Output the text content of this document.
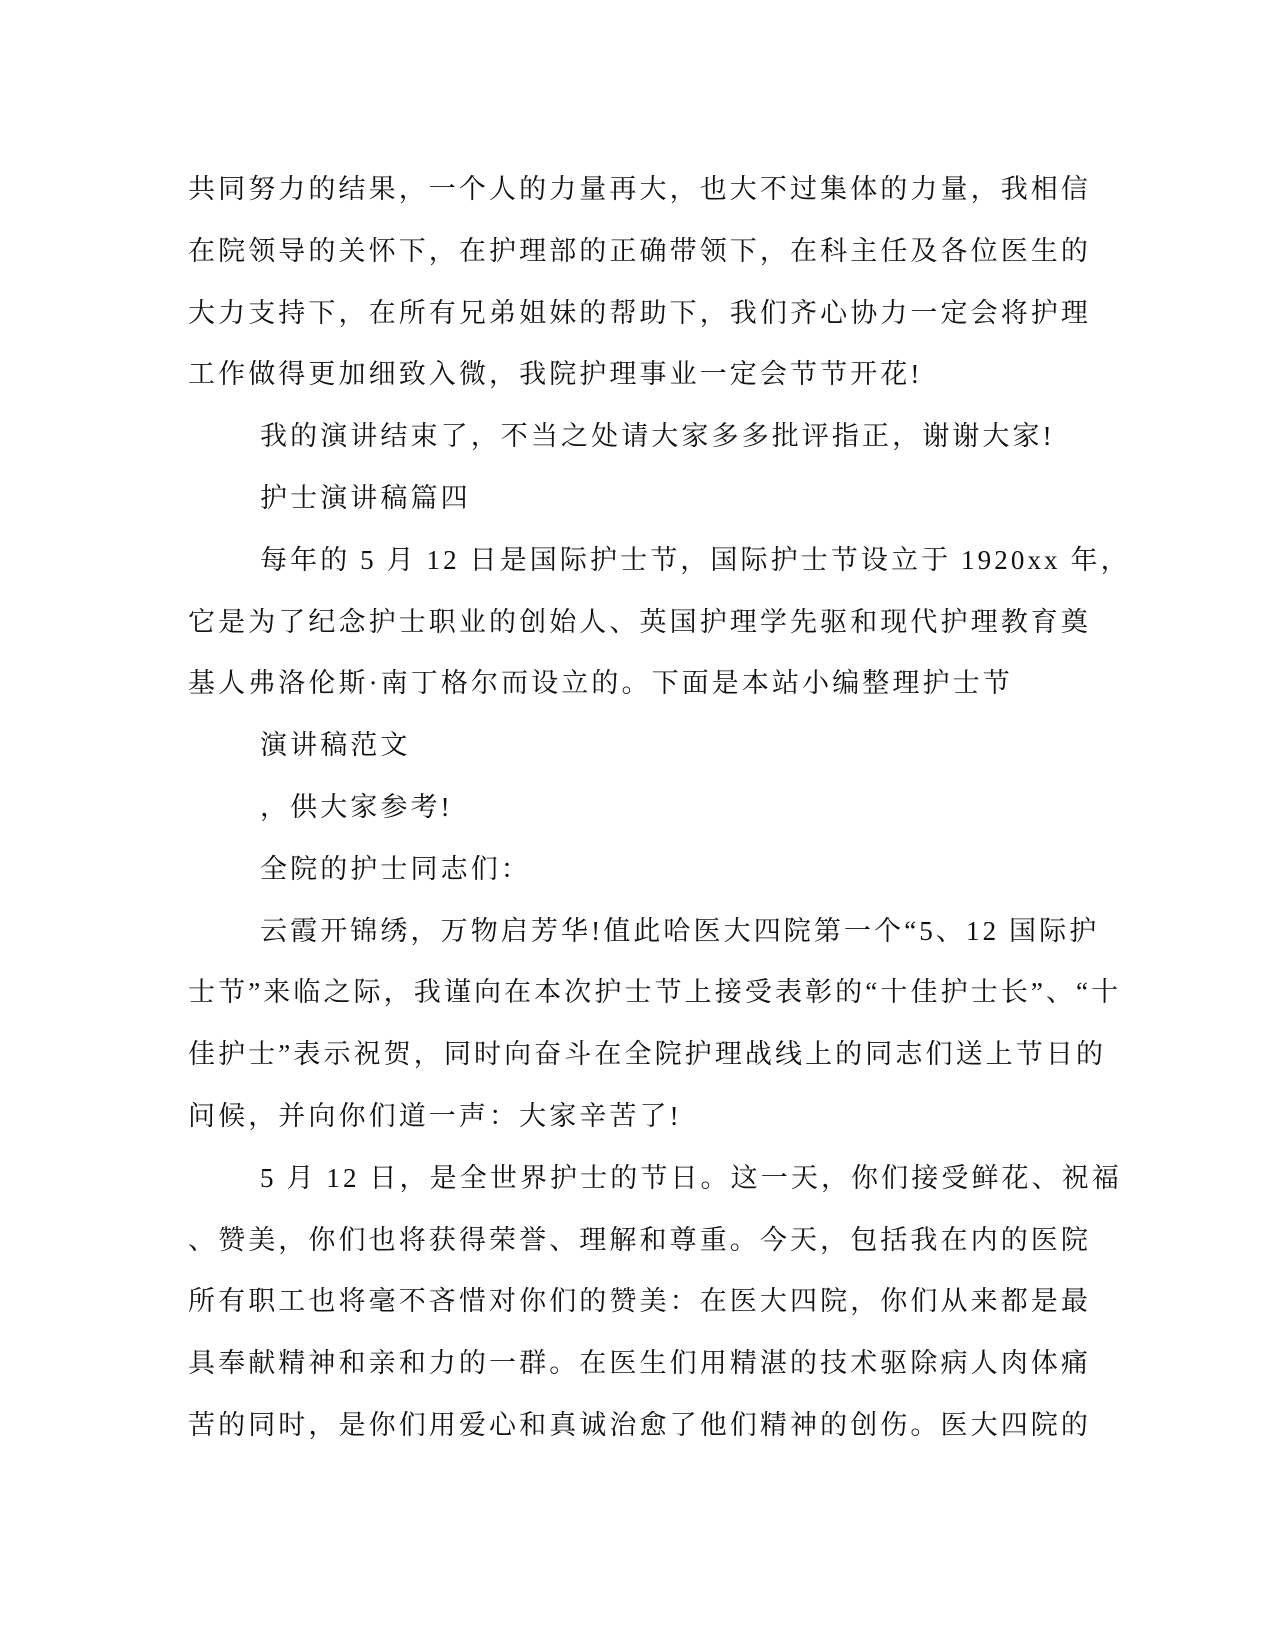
共同努力的结果，一个人的力量再大，也大不过集体的力量，我相信
在院领导的关怀下，在护理部的正确带领下，在科主任及各位医生的
大力支持下，在所有兄弟姐妹的帮助下，我们齐心协力一定会将护理
工作做得更加细致入微，我院护理事业一定会节节开花!
我的演讲结束了，不当之处请大家多多批评指正，谢谢大家!
护士演讲稿篇四
每年的 5 月 12 日是国际护士节，国际护士节设立于 1920xx 年，
它是为了纪念护士职业的创始人、英国护理学先驱和现代护理教育奠
基人弗洛伦斯·南丁格尔而设立的。下面是本站小编整理护士节
演讲稿范文
，供大家参考!
全院的护士同志们：
云霞开锦绣，万物启芳华!值此哈医大四院第一个“5、12 国际护
士节”来临之际，我谨向在本次护士节上接受表彰的“十佳护士长”、“十
佳护士”表示祝贺，同时向奋斗在全院护理战线上的同志们送上节日的
问候，并向你们道一声：大家辛苦了!
5 月 12 日，是全世界护士的节日。这一天，你们接受鲜花、祝福
、赞美，你们也将获得荣誉、理解和尊重。今天，包括我在内的医院
所有职工也将毫不吝惜对你们的赞美：在医大四院，你们从来都是最
具奉献精神和亲和力的一群。在医生们用精湛的技术驱除病人肉体痛
苦的同时，是你们用爱心和真诚治愈了他们精神的创伤。医大四院的
